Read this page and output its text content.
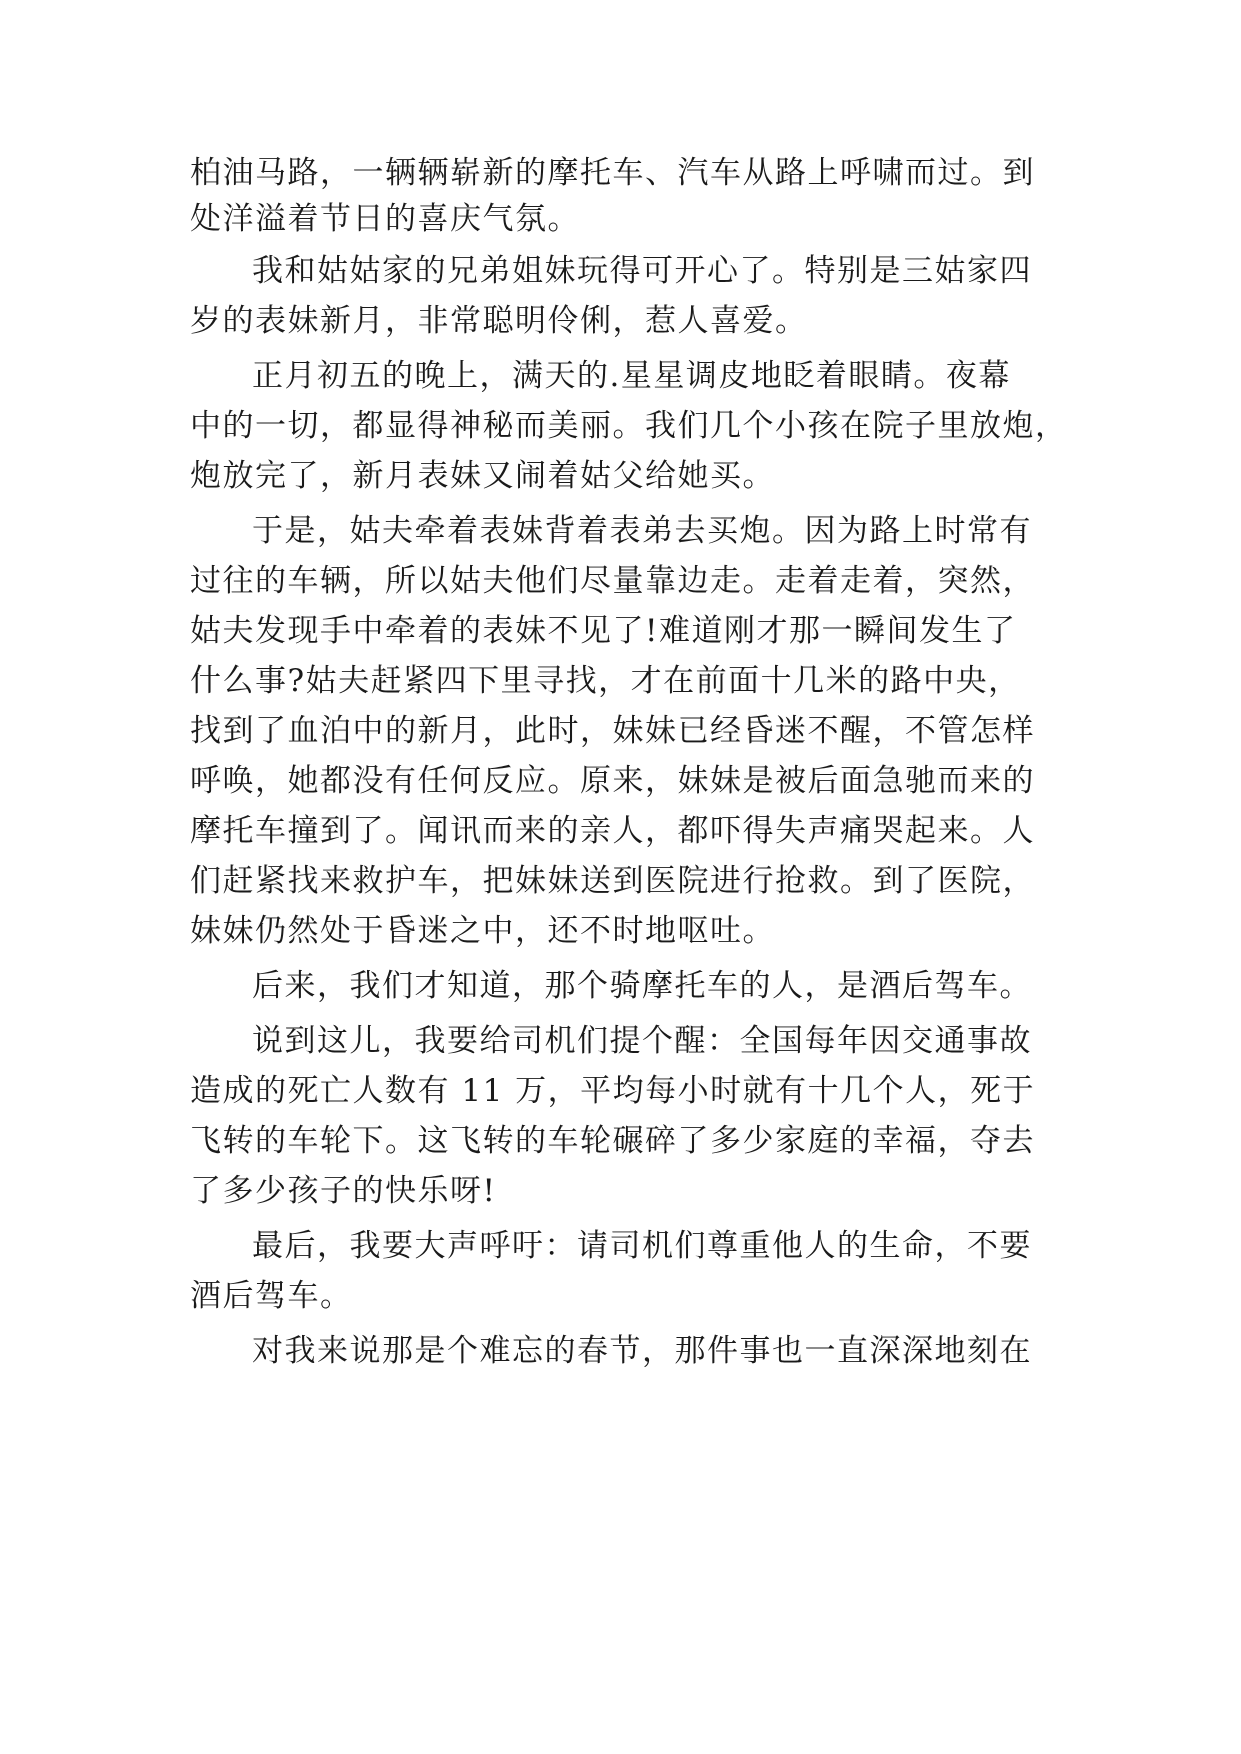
柏油马路，一辆辆崭新的摩托车、汽车从路上呼啸而过。到
处洋溢着节日的喜庆气氛。
我和姑姑家的兄弟姐妹玩得可开心了。特别是三姑家四
岁的表妹新月，非常聪明伶俐，惹人喜爱。
正月初五的晚上，满天的.星星调皮地眨着眼睛。夜幕
中的一切，都显得神秘而美丽。我们几个小孩在院子里放炮，
炮放完了，新月表妹又闹着姑父给她买。
于是，姑夫牵着表妹背着表弟去买炮。因为路上时常有
过往的车辆，所以姑夫他们尽量靠边走。走着走着，突然，
姑夫发现手中牵着的表妹不见了!难道刚才那一瞬间发生了
什么事?姑夫赶紧四下里寻找，才在前面十几米的路中央，
找到了血泊中的新月，此时，妹妹已经昏迷不醒，不管怎样
呼唤，她都没有任何反应。原来，妹妹是被后面急驰而来的
摩托车撞到了。闻讯而来的亲人，都吓得失声痛哭起来。人
们赶紧找来救护车，把妹妹送到医院进行抢救。到了医院，
妹妹仍然处于昏迷之中，还不时地呕吐。
后来，我们才知道，那个骑摩托车的人，是酒后驾车。
说到这儿，我要给司机们提个醒：全国每年因交通事故
造成的死亡人数有 11 万，平均每小时就有十几个人，死于
飞转的车轮下。这飞转的车轮碾碎了多少家庭的幸福，夺去
了多少孩子的快乐呀!
最后，我要大声呼吁：请司机们尊重他人的生命，不要
酒后驾车。
对我来说那是个难忘的春节，那件事也一直深深地刻在
